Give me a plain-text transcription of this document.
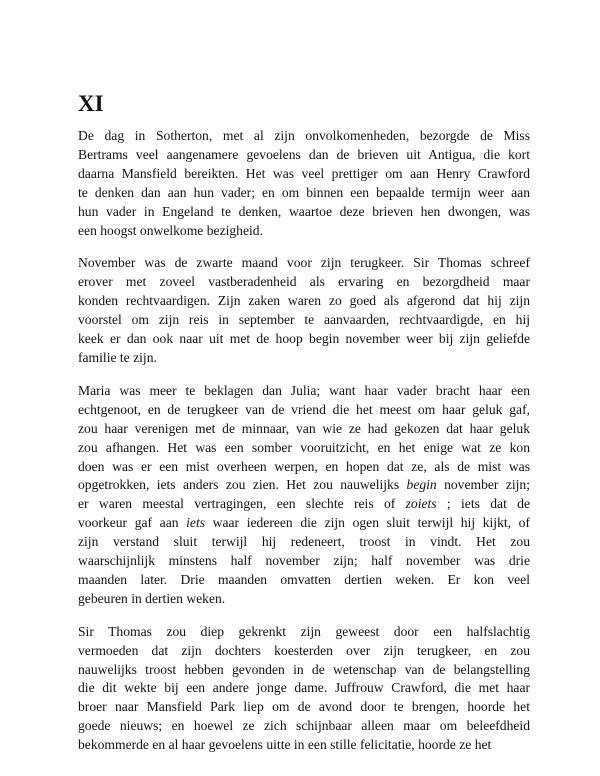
XI

De dag in Sotherton, met al zijn onvolkomenheden, bezorgde de Miss
Bertrams veel aangenamere gevoelens dan de brieven uit Antigua, die kort
daarna Mansfield bereikten. Het was veel prettiger om aan Henry Crawford
te denken dan aan hun vader; en om binnen een bepaalde termijn weer aan
hun vader in Engeland te denken, waartoe deze brieven hen dwongen, was
een hoogst onwelkome bezigheid.

November was de zwarte maand voor zijn terugkeer. Sir Thomas schreef
erover met zoveel vastberadenheid als ervaring en bezorgdheid maar
konden rechtvaardigen. Zijn zaken waren zo goed als afgerond dat hij zijn
voorstel om zijn reis in september te aanvaarden, rechtvaardigde, en hij
keek er dan ook naar uit met de hoop begin november weer bij zijn geliefde
familie te zijn.

Maria was meer te beklagen dan Julia; want haar vader bracht haar een
echtgenoot, en de terugkeer van de vriend die het meest om haar geluk gaf,
zou haar verenigen met de minnaar, van wie ze had gekozen dat haar geluk
zou afhangen. Het was een somber vooruitzicht, en het enige wat ze kon
doen was er een mist overheen werpen, en hopen dat ze, als de mist was
opgetrokken, iets anders zou zien. Het zou nauwelijks begin november zijn;
er waren meestal vertragingen, een slechte reis of zoiets ; iets dat de
voorkeur gaf aan iets waar iedereen die zijn ogen sluit terwijl hij kijkt, of
zijn verstand sluit terwijl hij redeneert, troost in vindt. Het zou
waarschijnlijk minstens half november zijn; half november was drie
maanden later. Drie maanden omvatten dertien weken. Er kon veel
gebeuren in dertien weken.

Sir Thomas zou diep gekrenkt zijn geweest door een halfslachtig
vermoeden dat zijn dochters koesterden over zijn terugkeer, en zou
nauwelijks troost hebben gevonden in de wetenschap van de belangstelling
die dit wekte bij een andere jonge dame. Juffrouw Crawford, die met haar
broer naar Mansfield Park liep om de avond door te brengen, hoorde het
goede nieuws; en hoewel ze zich schijnbaar alleen maar om beleefdheid
bekommerde en al haar gevoelens uitte in een stille felicitatie, hoorde ze het
